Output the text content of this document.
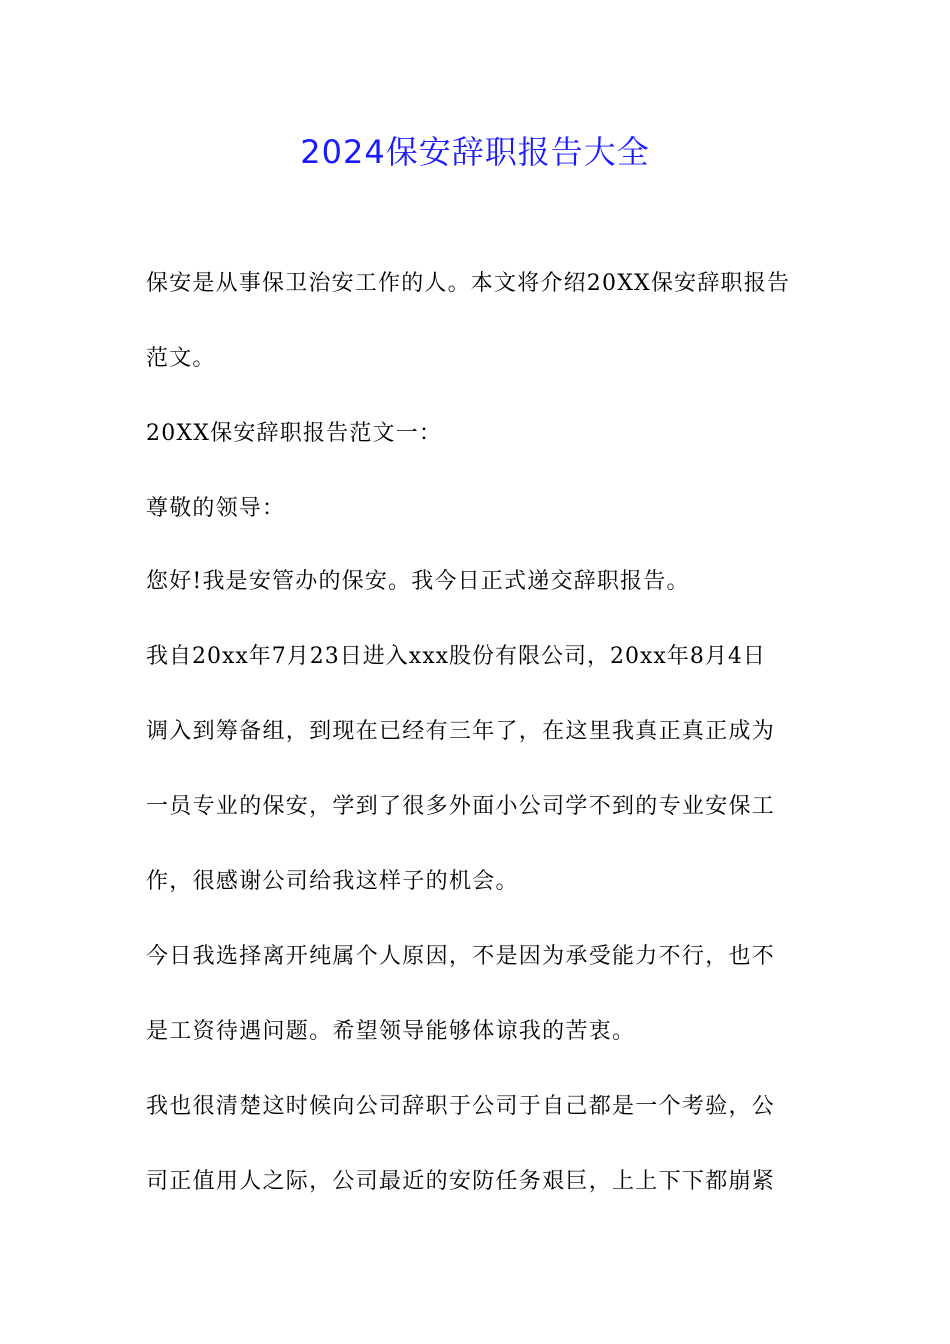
2024保安辞职报告大全

保安是从事保卫治安工作的人。本文将介绍20XX保安辞职报告

范文。

20XX保安辞职报告范文一：

尊敬的领导：

您好!我是安管办的保安。我今日正式递交辞职报告。

我自20xx年7月23日进入xxx股份有限公司，20xx年8月4日

调入到筹备组，到现在已经有三年了，在这里我真正真正成为

一员专业的保安，学到了很多外面小公司学不到的专业安保工

作，很感谢公司给我这样子的机会。

今日我选择离开纯属个人原因，不是因为承受能力不行，也不

是工资待遇问题。希望领导能够体谅我的苦衷。

我也很清楚这时候向公司辞职于公司于自己都是一个考验，公

司正值用人之际，公司最近的安防任务艰巨，上上下下都崩紧
